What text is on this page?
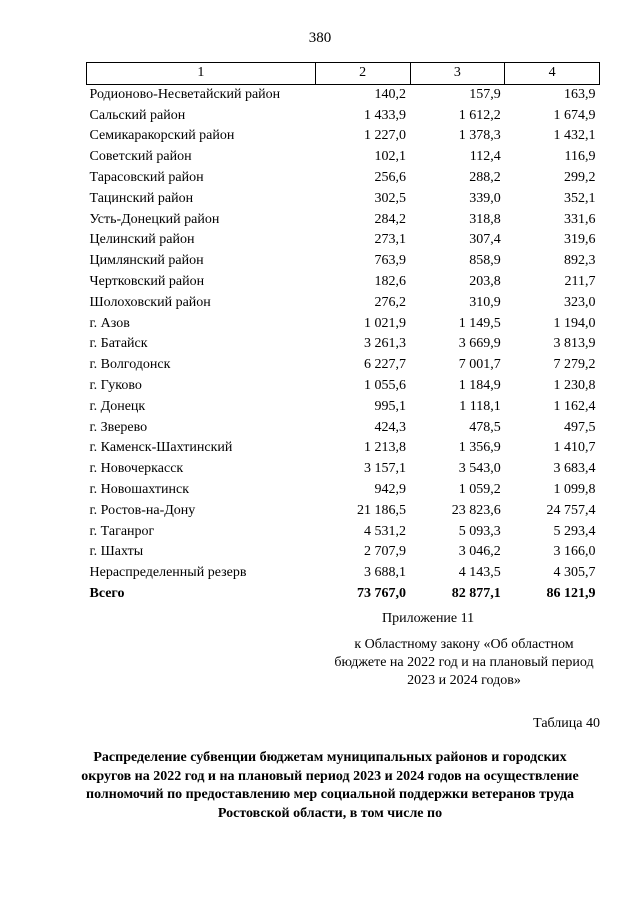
380
1	2	3	4
Родионово-Несветайский район	140,2	157,9	163,9
Сальский район	1 433,9	1 612,2	1 674,9
Семикаракорский район	1 227,0	1 378,3	1 432,1
Советский район	102,1	112,4	116,9
Тарасовский район	256,6	288,2	299,2
Тацинский район	302,5	339,0	352,1
Усть-Донецкий район	284,2	318,8	331,6
Целинский район	273,1	307,4	319,6
Цимлянский район	763,9	858,9	892,3
Чертковский район	182,6	203,8	211,7
Шолоховский район	276,2	310,9	323,0
г. Азов	1 021,9	1 149,5	1 194,0
г. Батайск	3 261,3	3 669,9	3 813,9
г. Волгодонск	6 227,7	7 001,7	7 279,2
г. Гуково	1 055,6	1 184,9	1 230,8
г. Донецк	995,1	1 118,1	1 162,4
г. Зверево	424,3	478,5	497,5
г. Каменск-Шахтинский	1 213,8	1 356,9	1 410,7
г. Новочеркасск	3 157,1	3 543,0	3 683,4
г. Новошахтинск	942,9	1 059,2	1 099,8
г. Ростов-на-Дону	21 186,5	23 823,6	24 757,4
г. Таганрог	4 531,2	5 093,3	5 293,4
г. Шахты	2 707,9	3 046,2	3 166,0
Нераспределенный резерв	3 688,1	4 143,5	4 305,7
Всего	73 767,0	82 877,1	86 121,9
Приложение 11
к Областному закону «Об областном бюджете на 2022 год и на плановый период 2023 и 2024 годов»
Таблица 40
Распределение субвенции бюджетам муниципальных районов и городских округов на 2022 год и на плановый период 2023 и 2024 годов на осуществление полномочий по предоставлению мер социальной поддержки ветеранов труда Ростовской области, в том числе по
